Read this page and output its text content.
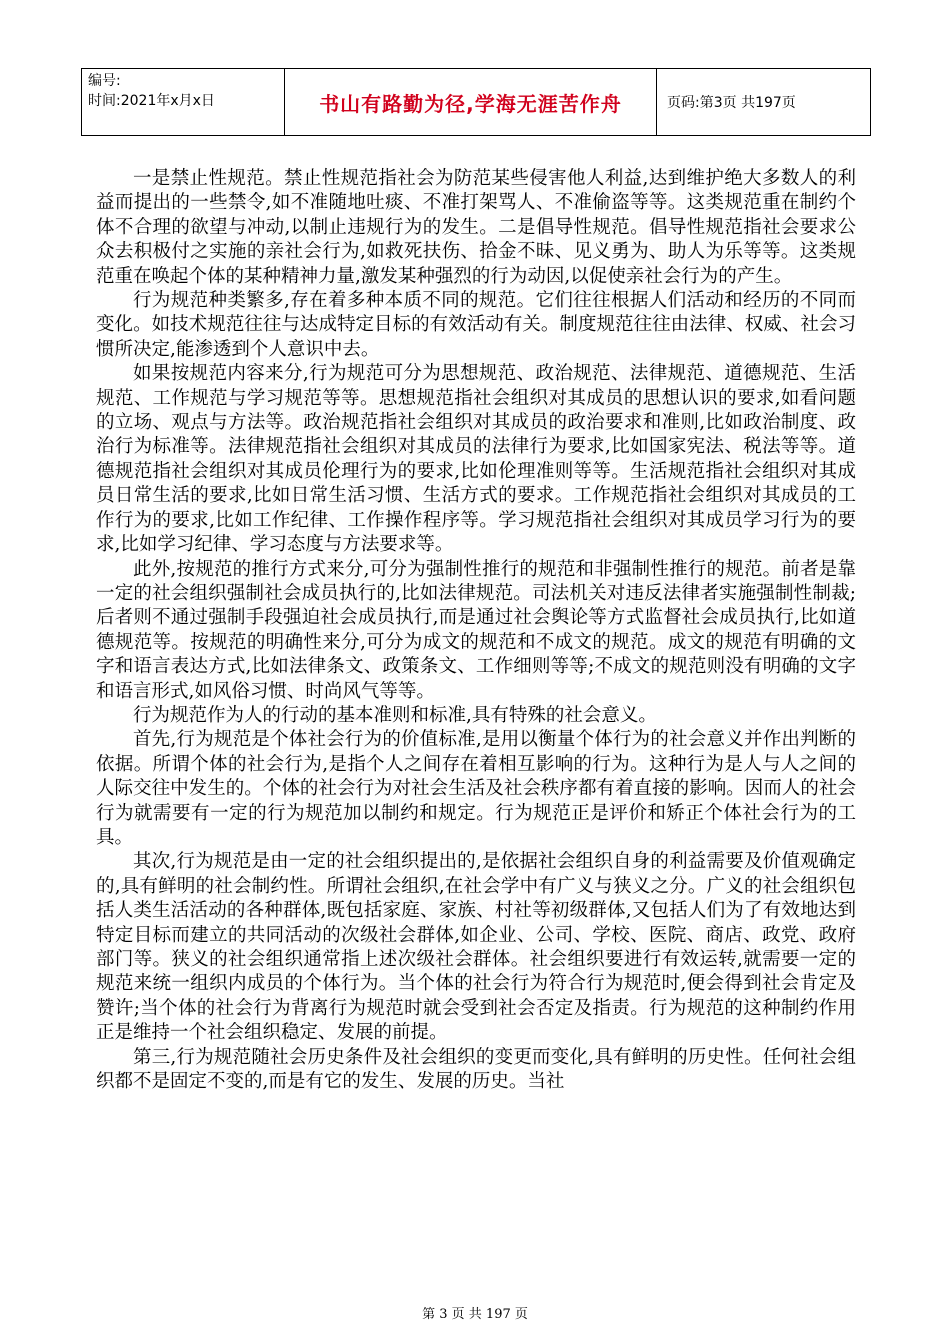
编号:
时间:2021年x月x日	书山有路勤为径,学海无涯苦作舟	页码:第3页 共197页

一是禁止性规范。禁止性规范指社会为防范某些侵害他人利益,达到维护绝大多数人的利益而提出的一些禁令,如不准随地吐痰、不准打架骂人、不准偷盗等等。这类规范重在制约个体不合理的欲望与冲动,以制止违规行为的发生。二是倡导性规范。倡导性规范指社会要求公众去积极付之实施的亲社会行为,如救死扶伤、拾金不昧、见义勇为、助人为乐等等。这类规范重在唤起个体的某种精神力量,激发某种强烈的行为动因,以促使亲社会行为的产生。

行为规范种类繁多,存在着多种本质不同的规范。它们往往根据人们活动和经历的不同而变化。如技术规范往往与达成特定目标的有效活动有关。制度规范往往由法律、权威、社会习惯所决定,能渗透到个人意识中去。

如果按规范内容来分,行为规范可分为思想规范、政治规范、法律规范、道德规范、生活规范、工作规范与学习规范等等。思想规范指社会组织对其成员的思想认识的要求,如看问题的立场、观点与方法等。政治规范指社会组织对其成员的政治要求和准则,比如政治制度、政治行为标准等。法律规范指社会组织对其成员的法律行为要求,比如国家宪法、税法等等。道德规范指社会组织对其成员伦理行为的要求,比如伦理准则等等。生活规范指社会组织对其成员日常生活的要求,比如日常生活习惯、生活方式的要求。工作规范指社会组织对其成员的工作行为的要求,比如工作纪律、工作操作程序等。学习规范指社会组织对其成员学习行为的要求,比如学习纪律、学习态度与方法要求等。

此外,按规范的推行方式来分,可分为强制性推行的规范和非强制性推行的规范。前者是靠一定的社会组织强制社会成员执行的,比如法律规范。司法机关对违反法律者实施强制性制裁;后者则不通过强制手段强迫社会成员执行,而是通过社会舆论等方式监督社会成员执行,比如道德规范等。按规范的明确性来分,可分为成文的规范和不成文的规范。成文的规范有明确的文字和语言表达方式,比如法律条文、政策条文、工作细则等等;不成文的规范则没有明确的文字和语言形式,如风俗习惯、时尚风气等等。

行为规范作为人的行动的基本准则和标准,具有特殊的社会意义。

首先,行为规范是个体社会行为的价值标准,是用以衡量个体行为的社会意义并作出判断的依据。所谓个体的社会行为,是指个人之间存在着相互影响的行为。这种行为是人与人之间的人际交往中发生的。个体的社会行为对社会生活及社会秩序都有着直接的影响。因而人的社会行为就需要有一定的行为规范加以制约和规定。行为规范正是评价和矫正个体社会行为的工具。

其次,行为规范是由一定的社会组织提出的,是依据社会组织自身的利益需要及价值观确定的,具有鲜明的社会制约性。所谓社会组织,在社会学中有广义与狭义之分。广义的社会组织包括人类生活活动的各种群体,既包括家庭、家族、村社等初级群体,又包括人们为了有效地达到特定目标而建立的共同活动的次级社会群体,如企业、公司、学校、医院、商店、政党、政府部门等。狭义的社会组织通常指上述次级社会群体。社会组织要进行有效运转,就需要一定的规范来统一组织内成员的个体行为。当个体的社会行为符合行为规范时,便会得到社会肯定及赞许;当个体的社会行为背离行为规范时就会受到社会否定及指责。行为规范的这种制约作用正是维持一个社会组织稳定、发展的前提。

第三,行为规范随社会历史条件及社会组织的变更而变化,具有鲜明的历史性。任何社会组织都不是固定不变的,而是有它的发生、发展的历史。当社

第 3 页 共 197 页
